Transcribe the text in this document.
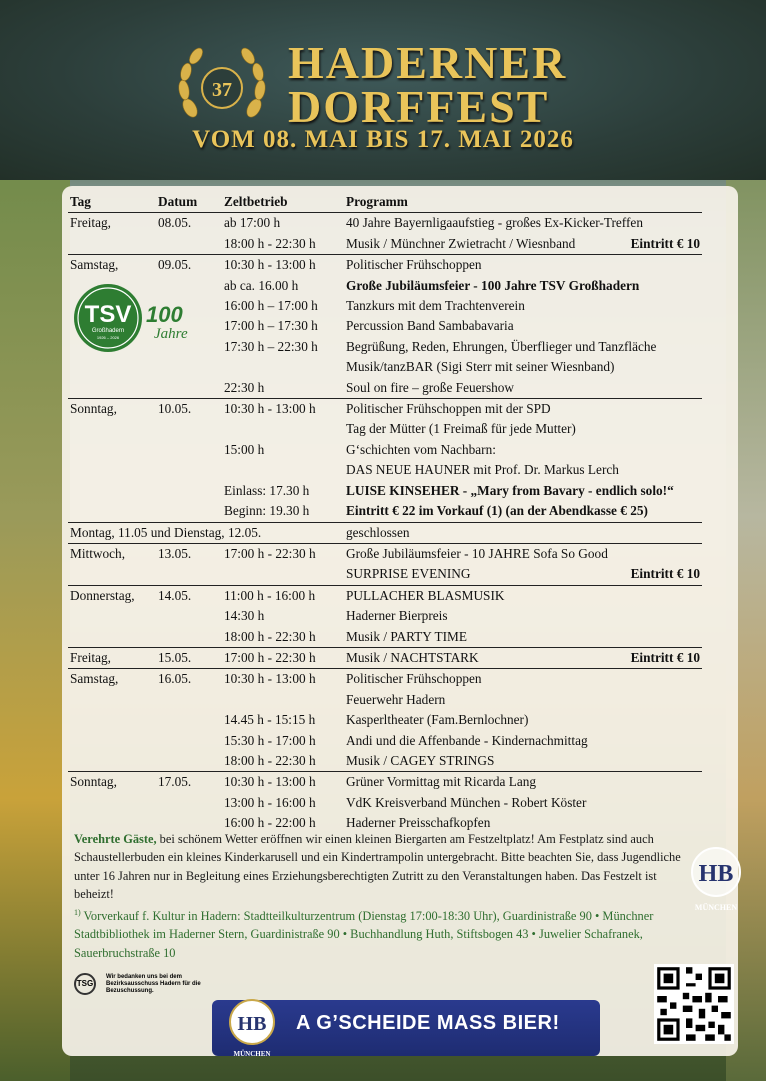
37
HADERNER
DORFFEST
VOM 08. MAI BIS 17. MAI 2026
Tag	Datum	Zeltbetrieb	Programm
Freitag,	08.05.	ab 17:00 h	40 Jahre Bayernligaaufstieg - großes Ex-Kicker-Treffen
		18:00 h - 22:30 h	Musik / Münchner Zwietracht / Wiesnband Eintritt € 10

Samstag,	09.05.	10:30 h - 13:00 h	Politischer Frühschoppen
		ab ca. 16.00 h	Große Jubiläumsfeier - 100 Jahre TSV Großhadern
		16:00 h – 17:00 h	Tanzkurs mit dem Trachtenverein
		17:00 h – 17:30 h	Percussion Band Sambabavaria
		17:30 h – 22:30 h	Begrüßung, Reden, Ehrungen, Überflieger und Tanzfläche
			Musik/tanzBAR (Sigi Sterr mit seiner Wiesnband)
		22:30 h	Soul on fire – große Feuershow
Sonntag,	10.05.	10:30 h - 13:00 h	Politischer Frühschoppen mit der SPD
			Tag der Mütter (1 Freimaß für jede Mutter)
		15:00 h	G‘schichten vom Nachbarn:
			DAS NEUE HAUNER mit Prof. Dr. Markus Lerch
		Einlass: 17.30 h	LUISE KINSEHER - „Mary from Bavary - endlich solo!“
		Beginn: 19.30 h	Eintritt € 22 im Vorkauf (1) (an der Abendkasse € 25)
Montag, 11.05 und Dienstag, 12.05.			geschlossen
Mittwoch,	13.05.	17:00 h - 22:30 h	Große Jubiläumsfeier - 10 JAHRE Sofa So Good
			SURPRISE EVENING Eintritt € 10

Donnerstag,	14.05.	11:00 h - 16:00 h	PULLACHER BLASMUSIK
		14:30 h	Haderner Bierpreis
		18:00 h - 22:30 h	Musik / PARTY TIME
Freitag,	15.05.	17:00 h - 22:30 h	Musik / NACHTSTARK Eintritt € 10

Samstag,	16.05.	10:30 h - 13:00 h	Politischer Frühschoppen
			Feuerwehr Hadern
		14.45 h - 15:15 h	Kasperltheater (Fam.Bernlochner)
		15:30 h - 17:00 h	Andi und die Affenbande - Kindernachmittag
		18:00 h - 22:30 h	Musik / CAGEY STRINGS
Sonntag,	17.05.	10:30 h - 13:00 h	Grüner Vormittag mit Ricarda Lang
		13:00 h - 16:00 h	VdK Kreisverband München - Robert Köster
		16:00 h - 22:00 h	Haderner Preisschafkopfen
TSV
Großhadern
1926 – 2026
100
Jahre
Verehrte Gäste, bei schönem Wetter eröffnen wir einen kleinen Biergarten am Festzeltplatz! Am Festplatz sind auch Schaustellerbuden ein kleines Kinderkarusell und ein Kindertrampolin untergebracht. Bitte beachten Sie, dass Jugendliche unter 16 Jahren nur in Begleitung eines Erziehungsberechtigten Zutritt zu den Veranstaltungen haben. Das Festzelt ist beheizt!
$^{1)}$ Vorverkauf f. Kultur in Hadern: Stadtteilkulturzentrum (Dienstag 17:00-18:30 Uhr), Guardinistraße 90 • Münchner Stadtbibliothek im Haderner Stern, Guardinistraße 90 • Buchhandlung Huth, Stiftsbogen 43 • Juwelier Schafranek, Sauerbruchstraße 10
TSG
Wir bedanken uns bei dem Bezirksausschuss Hadern für die Bezuschussung.
HB
MÜNCHEN
HB
MÜNCHEN
A G’SCHEIDE MASS BIER!
